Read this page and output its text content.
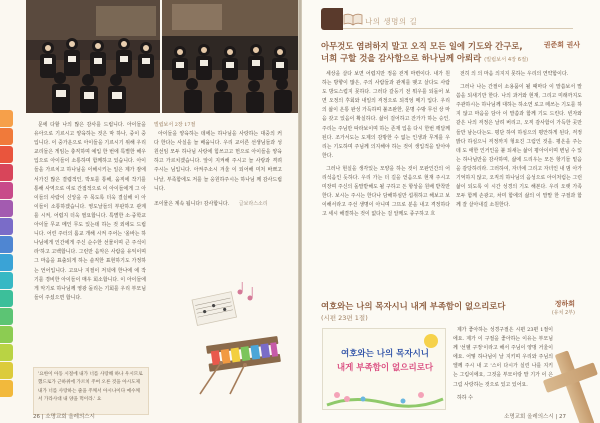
문에 다할 나의 많은 감사를 드립니다. 아이들을 유아으로 기르시고 양육하는 것은 막 하나, 중이 중입니다. 이 중가운으로 아이들을 기르시기 위해 우리 교리들은 게임는 충직하며 예입 한 번에 특별한 해우입으로 아이들이 소통하며 함께하고 있습니다. 아이들을 가르치고 하나님을 이해시키는 일은 제가 잠에서가진 많은 결렵적인, 박토를 통해, 움직에 작기를 통해 사역으로 여로 간접적으로 이 아이들에게 그 아이들의 사람이 신앙을 주 목도록 더욱 결실해 이 아이들이 소통하겠습니다. 영도날들의 부판하고 관계를 시켜, 어렵지 더욱 필요합니다. 특별한 소·중학교 아이들 무교 메인 무도 있는데 하는 것 외에도 드립니다. 어린 주터의 롬교 개해 시켜 주어는 '올바는 하나님에게 인간에게 주신 순수한 선물이며 큰 주석이라'하고 고백합니다. 그런만 음악은 사람을 유익이며 그 마음을 표출되게 하는 솔직한 표현하기도 가정하는 언어입니다. 고요나 지절이 저녁에 한나에 에 작기를 경비한 아이들이 매우 회소합니다. 이 아이들에게 악기로 하나님께 영광 돌리는 기회를 우리 부모님들이 주셨으면 합니다.

빌립보서 2장 17절

아이들을 양육하는 데에는 하나님을 사랑하는 대중의 커다 한다는 사실을 늘 배웁니다. 우리 교이른 선생님들과 성원선임 모두 하나님 사랑에 힘쓰고고 헌으로 아이들을 양육하고 가르치겠습니다. 앞이 지켜해 주시고 늘 사랑과 격려 주시는 님입니다. 아켜주소시 겨울 이 되어해 미처 바쁘고 나날, 부족함에도 저를 늘 응원하주시는 하나님 께 감사드립니다.

조이물은 계속 됩니다! 감사합니다. 글보라스소리

'요한이 아동 시절에 내가 너를 사랑해 하나 우시므로 했드로가 근하위에 가르치 주여 오른 것을 아시도제 내가 너를 사랑하는 줄을 주께서 아시나이다 예수께서 가라사대 내 양을 먹이라.' 요
26 | 소명교회 올레의스시
나의 생명의 길
아무것도 염려하지 말고 오직 모든 일에 기도와 간구로,
너희 구할 것을 감사함으로 하나님께 아뢰라 (빌립보서 4장 6절)
권준희 권사

세상을 살다 보면 어렵지만 정을 걷게 마련이다. 내가 원하는 방향이 많은, 주의 사람들과 관계를 맺고 살다도 사람도 방도스럽지 못하다. 그러다 갈등기 전 뭐우를 되돌어 보면 오정의 후회와 내일의 걱정으로 되적엉 메기 입다. 우리의 삶이 온통 완성 가득하며 불조완한, 문명 수밖 무선 상 마음 갖고 있음이 확실하다. 삶이 걸어하고 잔가가 하는 승인, 주리는 주님만 따라보이며 하는 존재 입을 다시 한번 깨달께 된다. 조가서도는 도제의 감방한 수 없는 인생과 무게를 우리는 기도하며 주님께 의지해야 하는 것이 생입적을 알아야한다.

그러나 현실을 생각있는 모양을 하는 것이 모완인간의 어리석음인 듯하다. 우리 가는 더 길을 얻음으로 현재 주시고 미장며 주신의 돌말받해도 될 구하고 든 항상을 원배 받착만 한다. 보시는 주시는 한다나 담해하심만 섭취하고 해보고 보이해서라고 주선 생명이 아니며 그뜨로 분을 내고 격정하다고 세시 해결하는 것이 없다는 걸 알께도 종구하고 흐

전히 의 의 마음 의지지 못하는 우리의 연약함이다.

그러나 나는 간절이 소용품이 될 때마다 이 말씀보서 말씀을 되새기만 한다. 나의 과거와 현재, 그리고 미래까지도 주관하시는 하나님께 대하는 하소연 로고 떼쓰는 기도를 하지 않고 마음을 담아 이 말씀과 함께 기도 드린다. 빈자와 같은 나의 걱정은 날려 버리고, 오직 감사함이 가득한 곳만 들만 남는다는도. 평단 하여 하심으의 평안하게 된다, 걱정 밝다 하심으니 걱정까지 헝요진 그럼인 것을. 평온을 주는데 도 애한 인거인을 붙 되새는 삶이 평아이이며 변님 수 있는 하나님만을 감사하며, 삶에 드리우는 모든 항기들 밑음을 감당하리라. 그러하여, 자녀에 그리고 자녀인 내 범 아가 기억하지 않고, 오직의 하나님의 음성으로 아이처럼는 그런 삶이 되도록 이 시간 성경의 기도 해본다. 우리 오랫 가족 모두 함께 손광고, 차미 함에의 삶의 이 말말 한 구절과 함께 잘 살아내길 소원한다.

여호와는 나의 목자시니 내게 부족함이 없으리로다
(시편 23편 1절)
정하희
(유치 2부)
여호와는 나의 목자시니
내게 부족함이 없으리로다

제가 좋아하는 성경구절은 시편 23편 1절이에요. 제가 이 구절을 좋아하는 이유는 부모님께 '선헬 구정'이라고 해서 주님이 양벙 거울이에요. 어떻 하나님이 날 지키며 우리와 주님의 엘께 주시 내 고 '스이 다시가 실린 나를 지키는 그림이에요, 그것을 부모이랑 말 기가 이 은 그림 사랑하는 것으로 있고 있어요.

하하 수

소명교회 올레의스시 | 27
